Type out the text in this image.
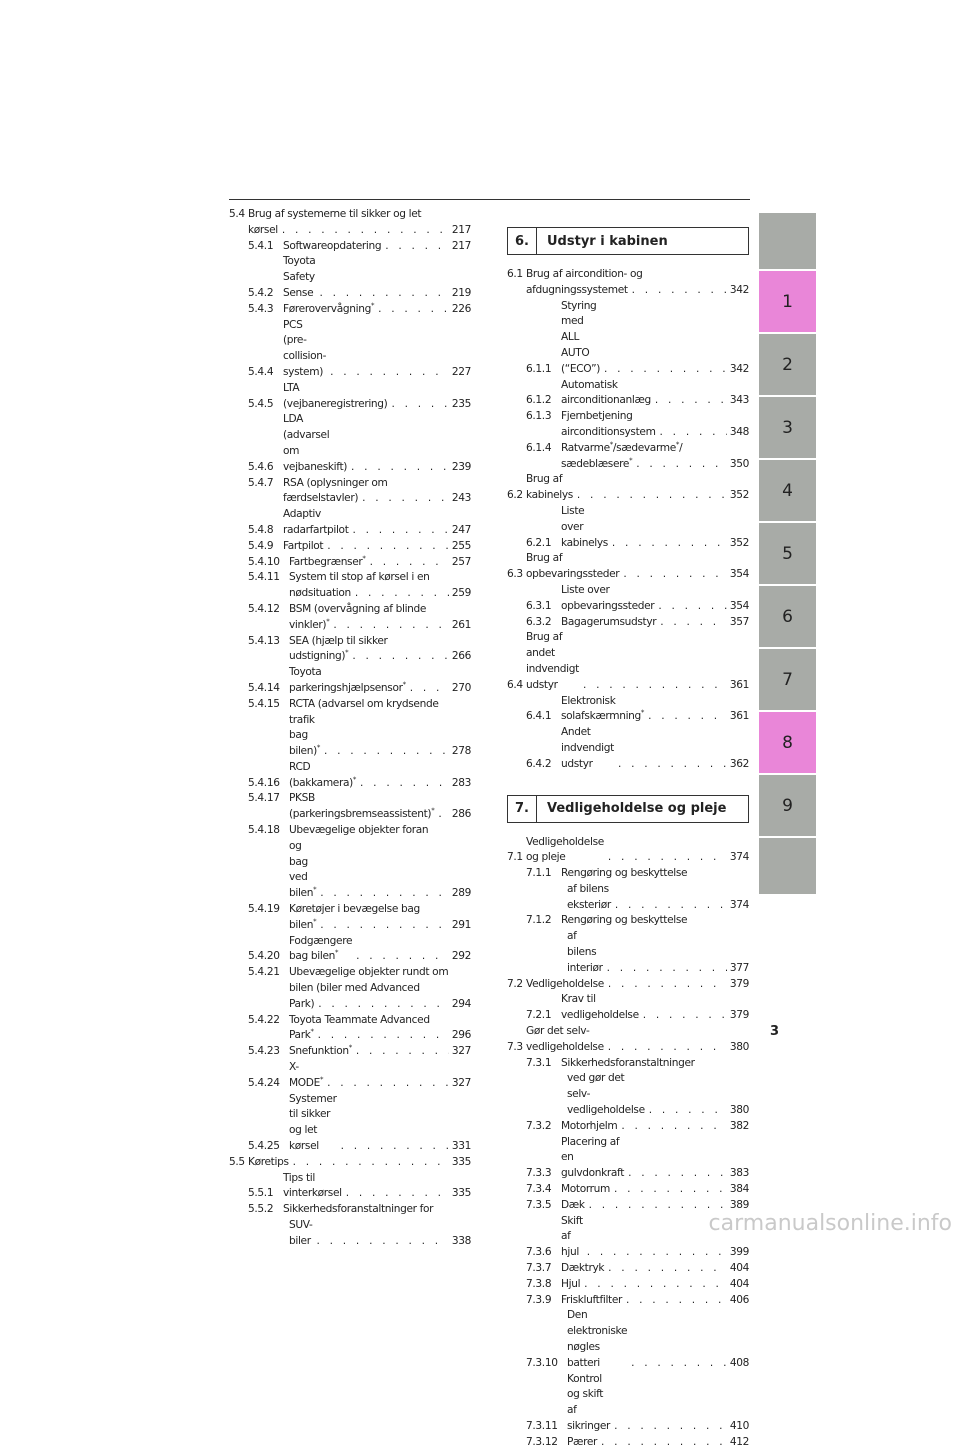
5.4 Brug af systemerne til sikker og let
kørsel . . .	217
5.4.1 Softwareopdatering . . .	217
5.4.2
Toyota Safety Sense . . .	219
5.4.3 Førerovervågning* . . .	226
5.4.4
PCS (pre-collision-system) . . .	227
5.4.5
LTA (vejbaneregistrering) . . .	235
5.4.6
LDA (advarsel om vejbaneskift) . . .	239
5.4.7 RSA (oplysninger om
færdselstavler) . . .	243
5.4.8
Adaptiv radarfartpilot . . .	247
5.4.9 Fartpilot . . .	255
5.4.10 Fartbegrænser* . . .	257
5.4.11 System til stop af kørsel i en
nødsituation . . .	259
5.4.12 BSM (overvågning af blinde
vinkler)* . . .	261
5.4.13 SEA (hjælp til sikker
udstigning)* . . .	266
5.4.14
Toyota parkeringshjælpsensor* . . .	270
5.4.15 RCTA (advarsel om krydsende
trafik bag bilen)* . . .	278
5.4.16
RCD (bakkamera)* . . .	283
5.4.17 PKSB
(parkeringsbremseassistent)* . . . 286
5.4.18 Ubevægelige objekter foran
og bag ved bilen* . . .	289
5.4.19 Køretøjer i bevægelse bag
bilen* . . .	291
5.4.20
Fodgængere bag bilen* . . .	292
5.4.21 Ubevægelige objekter rundt om
bilen (biler med Advanced
Park) . . .	294
5.4.22 Toyota Teammate Advanced
Park* . . .	296
5.4.23 Snefunktion* . . .	327
5.4.24
X-MODE* . . .	327
5.4.25
Systemer til sikker og let kørsel . . .	331
5.5 Køretips . . .	335
5.5.1
Tips til vinterkørsel . . .	335
5.5.2 Sikkerhedsforanstaltninger for
SUV-biler . . .	338
6.	Udstyr i kabinen
6.1 Brug af aircondition- og
afdugningssystemet . . .	342
6.1.1
Styring med ALL AUTO (“ECO”) . . .	342
6.1.2
Automatisk airconditionanlæg . . .	343
6.1.3 Fjernbetjening
airconditionsystem . . .	348
6.1.4 Ratvarme*/sædevarme*/
sædeblæsere* . . .	350
6.2
Brug af kabinelys . . .	352
6.2.1
Liste over kabinelys . . .	352
6.3
Brug af opbevaringssteder . . .	354
6.3.1
Liste over opbevaringssteder . . .	354
6.3.2 Bagagerumsudstyr . . .	357
6.4
Brug af andet indvendigt udstyr . . .	361
6.4.1
Elektronisk solafskærmning* . . .	361
6.4.2
Andet indvendigt udstyr . . .	362
7.	Vedligeholdelse og pleje
7.1
Vedligeholdelse og pleje . . .	374
7.1.1 Rengøring og beskyttelse
af bilens eksteriør . . .	374
7.1.2 Rengøring og beskyttelse
af bilens interiør . . .	377
7.2 Vedligeholdelse . . .	379
7.2.1
Krav til vedligeholdelse . . .	379
7.3
Gør det selv-vedligeholdelse . . .	380
7.3.1 Sikkerhedsforanstaltninger
ved gør det selv-vedligeholdelse . . .	380
7.3.2 Motorhjelm . . .	382
7.3.3
Placering af en gulvdonkraft . . .	383
7.3.4 Motorrum . . .	384
7.3.5 Dæk . . .	389
7.3.6
Skift af hjul . . .	399
7.3.7 Dæktryk . . .	404
7.3.8 Hjul . . .	404
7.3.9 Friskluftfilter . . .	406
7.3.10
Den elektroniske nøgles batteri . . .	408
7.3.11
Kontrol og skift af sikringer . . .	410
7.3.12 Pærer . . .	412
1
2
3
4
5
6
7
8
9
3
carmanualsonline.info
